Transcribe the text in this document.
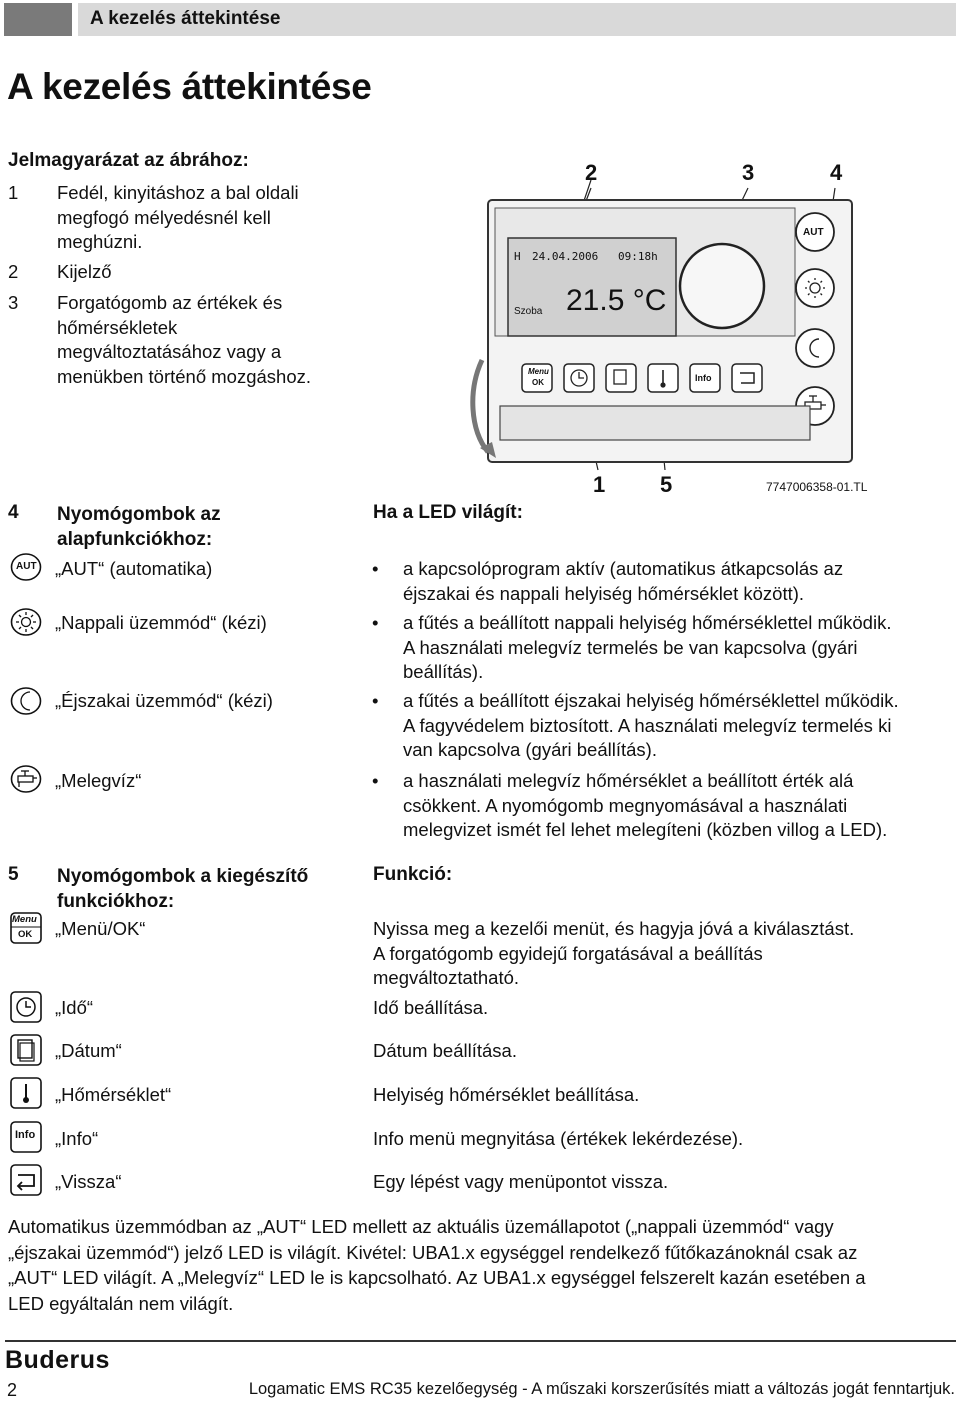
A kezelés áttekintése
A kezelés áttekintése
Jelmagyarázat az ábrához:
1	Fedél, kinyitáshoz a bal oldali
megfogó mélyedésnél kell
meghúzni.
2	Kijelző
3	Forgatógomb az értékek és
hőmérsékletek
megváltoztatásához vagy a
menükben történő mozgáshoz.
2	3	4
1 5	7747006358-01.TL
H 24.04.2006 09:18h
Szoba 21.5 °C
AUT
Menu
OK	Info
4	Nyomógombok az
alapfunkciókhoz:
Ha a LED világít:
AUT „AUT“ (automatika)	• a kapcsolóprogram aktív (automatikus átkapcsolás az
éjszakai és nappali helyiség hőmérséklet között).
„Nappali üzemmód“ (kézi)	• a fűtés a beállított nappali helyiség hőmérséklettel működik.
A használati melegvíz termelés be van kapcsolva (gyári
beállítás).
„Éjszakai üzemmód“ (kézi)	• a fűtés a beállított éjszakai helyiség hőmérséklettel működik.
A fagyvédelem biztosított. A használati melegvíz termelés ki
van kapcsolva (gyári beállítás).
„Melegvíz“	• a használati melegvíz hőmérséklet a beállított érték alá
csökkent. A nyomógomb megnyomásával a használati
melegvizet ismét fel lehet melegíteni (közben villog a LED).
5	Nyomógombok a kiegészítő
funkciókhoz:
Funkció:
Menu
OK „Menü/OK“	Nyissa meg a kezelői menüt, és hagyja jóvá a kiválasztást.
A forgatógomb egyidejű forgatásával a beállítás
megváltoztatható.
„Idő“	Idő beállítása.
„Dátum“	Dátum beállítása.
„Hőmérséklet“	Helyiség hőmérséklet beállítása.
Info „Info“	Info menü megnyitása (értékek lekérdezése).
„Vissza“	Egy lépést vagy menüpontot vissza.
Automatikus üzemmódban az „AUT“ LED mellett az aktuális üzemállapotot („nappali üzemmód“ vagy
„éjszakai üzemmód“) jelző LED is világít. Kivétel: UBA1.x egységgel rendelkező fűtőkazánoknál csak az
„AUT“ LED világít. A „Melegvíz“ LED le is kapcsolható. Az UBA1.x egységgel felszerelt kazán esetében a
LED egyáltalán nem világít.
Buderus
2	Logamatic EMS RC35 kezelőegység - A műszaki korszerűsítés miatt a változás jogát fenntartjuk.
